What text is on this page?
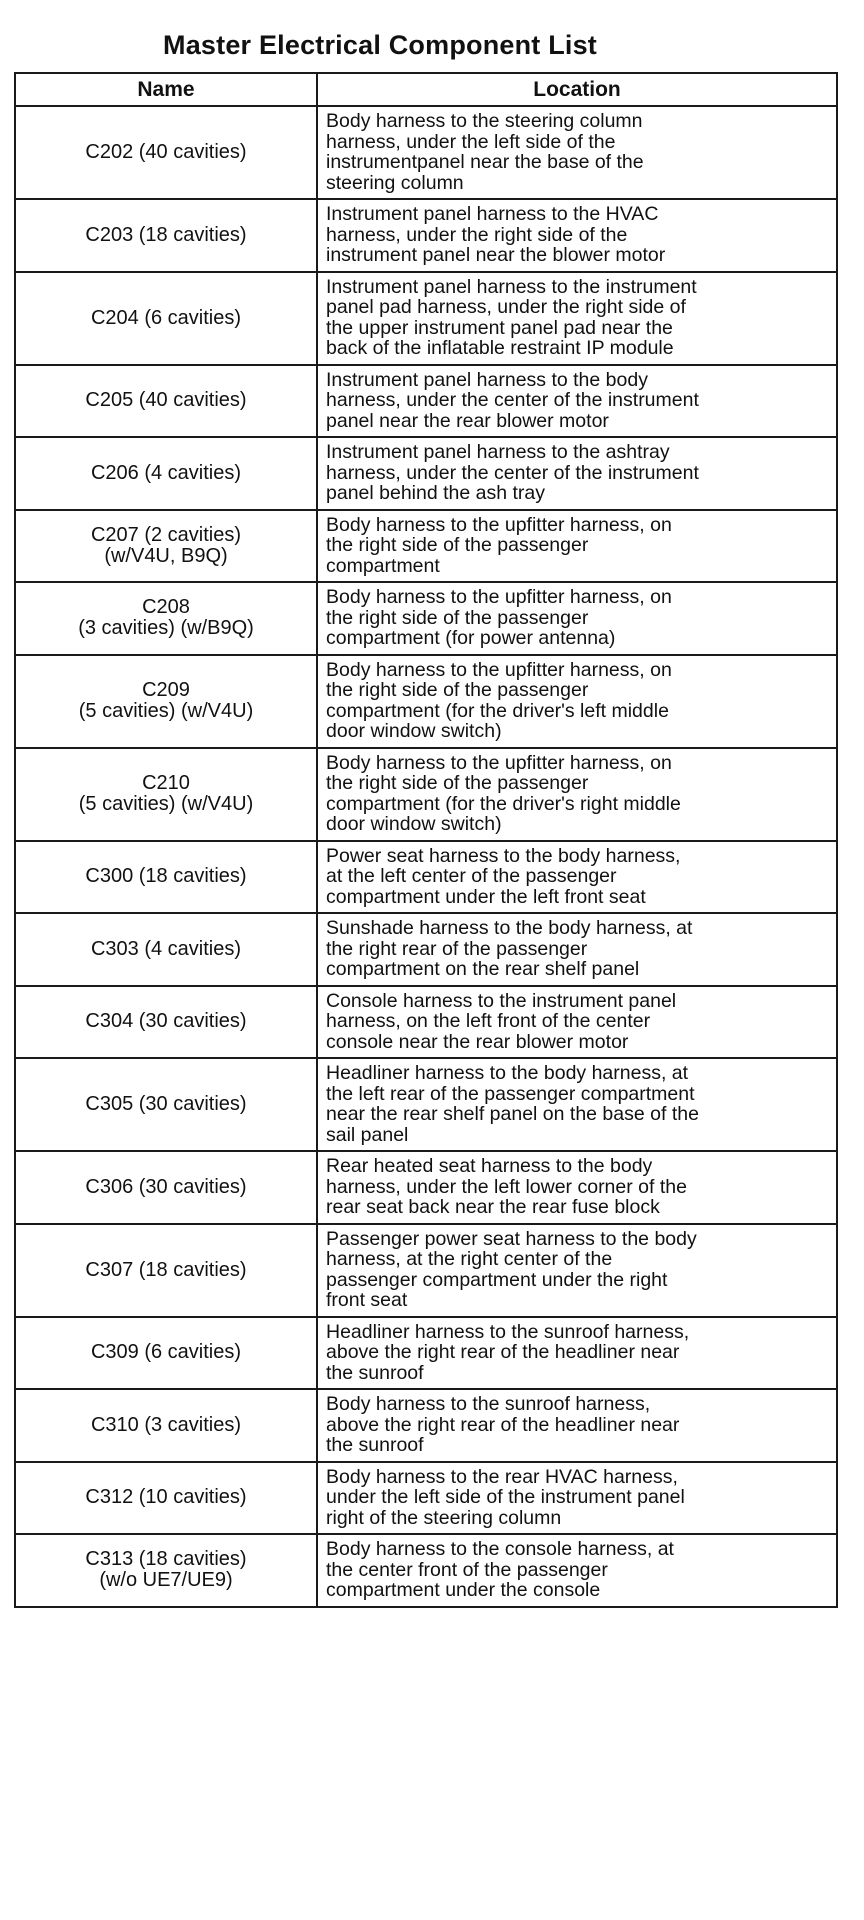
Master Electrical Component List
Name	Location

C202 (40 cavities)	Body harness to the steering column
harness, under the left side of the
instrumentpanel near the base of the
steering column

C203 (18 cavities)	Instrument panel harness to the HVAC
harness, under the right side of the
instrument panel near the blower motor

C204 (6 cavities)	Instrument panel harness to the instrument
panel pad harness, under the right side of
the upper instrument panel pad near the
back of the inflatable restraint IP module

C205 (40 cavities)	Instrument panel harness to the body
harness, under the center of the instrument
panel near the rear blower motor

C206 (4 cavities)	Instrument panel harness to the ashtray
harness, under the center of the instrument
panel behind the ash tray

C207 (2 cavities)
(w/V4U, B9Q)	Body harness to the upfitter harness, on
the right side of the passenger
compartment

C208
(3 cavities) (w/B9Q)	Body harness to the upfitter harness, on
the right side of the passenger
compartment (for power antenna)

C209
(5 cavities) (w/V4U)	Body harness to the upfitter harness, on
the right side of the passenger
compartment (for the driver's left middle
door window switch)

C210
(5 cavities) (w/V4U)	Body harness to the upfitter harness, on
the right side of the passenger
compartment (for the driver's right middle
door window switch)

C300 (18 cavities)	Power seat harness to the body harness,
at the left center of the passenger
compartment under the left front seat

C303 (4 cavities)	Sunshade harness to the body harness, at
the right rear of the passenger
compartment on the rear shelf panel

C304 (30 cavities)	Console harness to the instrument panel
harness, on the left front of the center
console near the rear blower motor

C305 (30 cavities)	Headliner harness to the body harness, at
the left rear of the passenger compartment
near the rear shelf panel on the base of the
sail panel

C306 (30 cavities)	Rear heated seat harness to the body
harness, under the left lower corner of the
rear seat back near the rear fuse block

C307 (18 cavities)	Passenger power seat harness to the body
harness, at the right center of the
passenger compartment under the right
front seat

C309 (6 cavities)	Headliner harness to the sunroof harness,
above the right rear of the headliner near
the sunroof

C310 (3 cavities)	Body harness to the sunroof harness,
above the right rear of the headliner near
the sunroof

C312 (10 cavities)	Body harness to the rear HVAC harness,
under the left side of the instrument panel
right of the steering column

C313 (18 cavities)
(w/o UE7/UE9)	Body harness to the console harness, at
the center front of the passenger
compartment under the console
